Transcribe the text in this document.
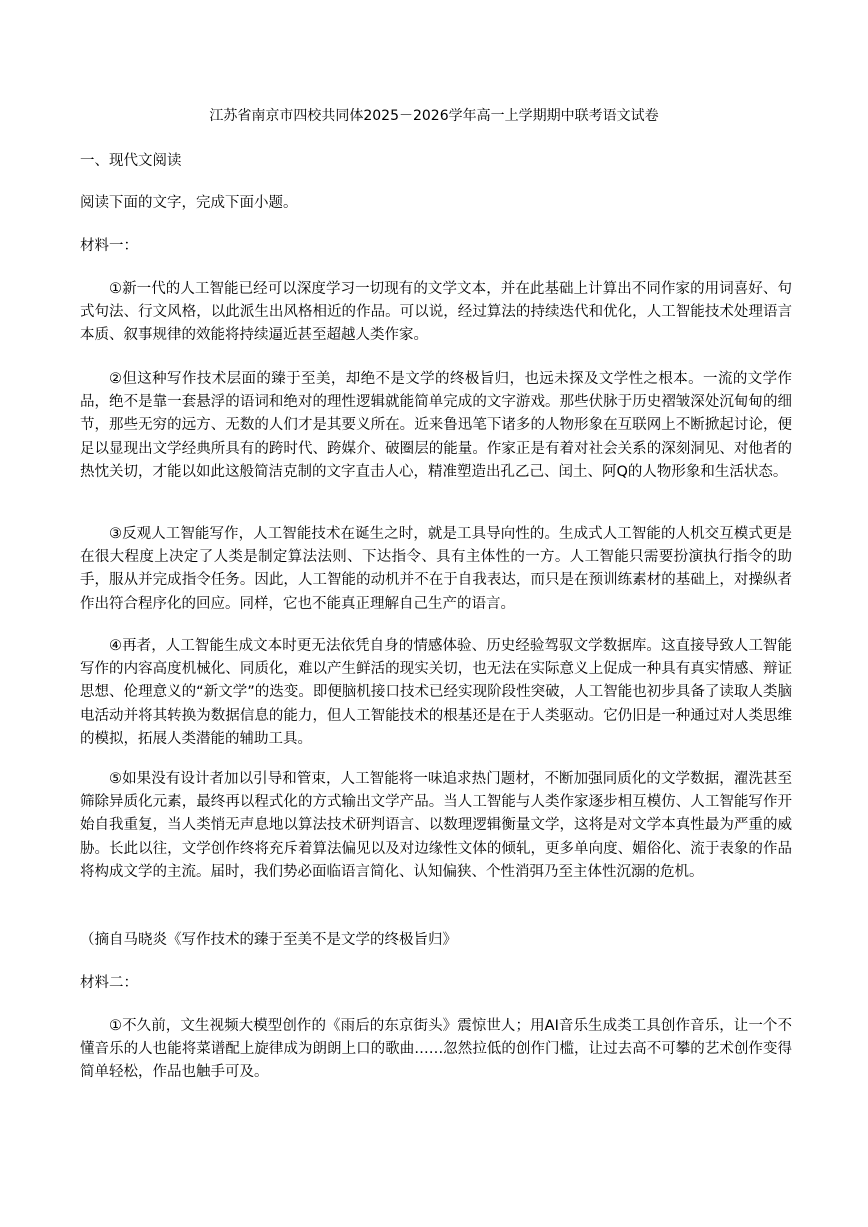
江苏省南京市四校共同体2025－2026学年高一上学期期中联考语文试卷
一、现代文阅读
阅读下面的文字，完成下面小题。
材料一：

①新一代的人工智能已经可以深度学习一切现有的文学文本，并在此基础上计算出不同作家的用词喜好、句式句法、行文风格，以此派生出风格相近的作品。可以说，经过算法的持续迭代和优化，人工智能技术处理语言本质、叙事规律的效能将持续逼近甚至超越人类作家。

②但这种写作技术层面的臻于至美，却绝不是文学的终极旨归，也远未探及文学性之根本。一流的文学作品，绝不是靠一套悬浮的语词和绝对的理性逻辑就能简单完成的文字游戏。那些伏脉于历史褶皱深处沉甸甸的细节，那些无穷的远方、无数的人们才是其要义所在。近来鲁迅笔下诸多的人物形象在互联网上不断掀起讨论，便足以显现出文学经典所具有的跨时代、跨媒介、破圈层的能量。作家正是有着对社会关系的深刻洞见、对他者的热忱关切，才能以如此这般简洁克制的文字直击人心，精准塑造出孔乙己、闰土、阿Q的人物形象和生活状态。

③反观人工智能写作，人工智能技术在诞生之时，就是工具导向性的。生成式人工智能的人机交互模式更是在很大程度上决定了人类是制定算法法则、下达指令、具有主体性的一方。人工智能只需要扮演执行指令的助手，服从并完成指令任务。因此，人工智能的动机并不在于自我表达，而只是在预训练素材的基础上，对操纵者作出符合程序化的回应。同样，它也不能真正理解自己生产的语言。

④再者，人工智能生成文本时更无法依凭自身的情感体验、历史经验驾驭文学数据库。这直接导致人工智能写作的内容高度机械化、同质化，难以产生鲜活的现实关切，也无法在实际意义上促成一种具有真实情感、辩证思想、伦理意义的“新文学”的迭变。即便脑机接口技术已经实现阶段性突破，人工智能也初步具备了读取人类脑电活动并将其转换为数据信息的能力，但人工智能技术的根基还是在于人类驱动。它仍旧是一种通过对人类思维的模拟，拓展人类潜能的辅助工具。

⑤如果没有设计者加以引导和管束，人工智能将一味追求热门题材，不断加强同质化的文学数据，濯洗甚至筛除异质化元素，最终再以程式化的方式输出文学产品。当人工智能与人类作家逐步相互模仿、人工智能写作开始自我重复，当人类悄无声息地以算法技术研判语言、以数理逻辑衡量文学，这将是对文学本真性最为严重的威胁。长此以往，文学创作终将充斥着算法偏见以及对边缘性文体的倾轧，更多单向度、媚俗化、流于表象的作品将构成文学的主流。届时，我们势必面临语言简化、认知偏狭、个性消弭乃至主体性沉溺的危机。

（摘自马晓炎《写作技术的臻于至美不是文学的终极旨归》
材料二：

①不久前，文生视频大模型创作的《雨后的东京街头》震惊世人；用AI音乐生成类工具创作音乐，让一个不懂音乐的人也能将菜谱配上旋律成为朗朗上口的歌曲……忽然拉低的创作门槛，让过去高不可攀的艺术创作变得简单轻松，作品也触手可及。
